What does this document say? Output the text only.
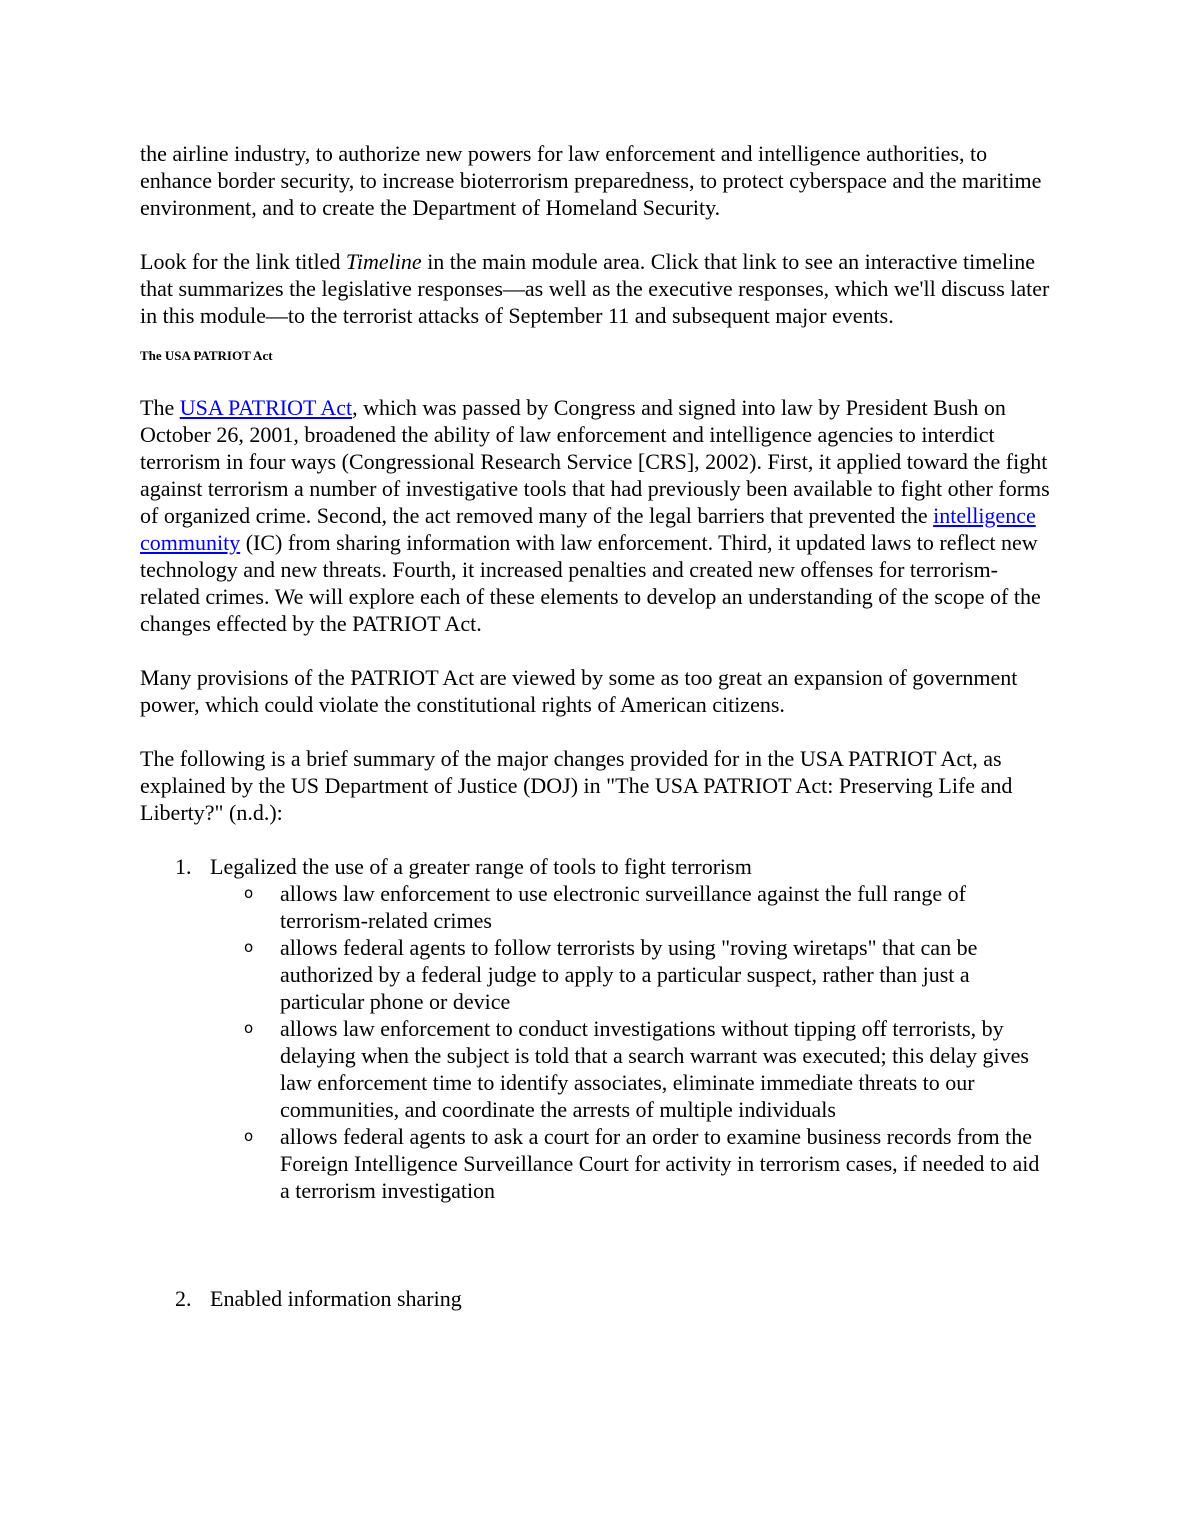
the airline industry, to authorize new powers for law enforcement and intelligence authorities, to enhance border security, to increase bioterrorism preparedness, to protect cyberspace and the maritime environment, and to create the Department of Homeland Security.

Look for the link titled Timeline in the main module area. Click that link to see an interactive timeline that summarizes the legislative responses—as well as the executive responses, which we'll discuss later in this module—to the terrorist attacks of September 11 and subsequent major events.

The USA PATRIOT Act

The USA PATRIOT Act, which was passed by Congress and signed into law by President Bush on October 26, 2001, broadened the ability of law enforcement and intelligence agencies to interdict terrorism in four ways (Congressional Research Service [CRS], 2002). First, it applied toward the fight against terrorism a number of investigative tools that had previously been available to fight other forms of organized crime. Second, the act removed many of the legal barriers that prevented the intelligence community (IC) from sharing information with law enforcement. Third, it updated laws to reflect new technology and new threats. Fourth, it increased penalties and created new offenses for terrorism-related crimes. We will explore each of these elements to develop an understanding of the scope of the changes effected by the PATRIOT Act.

Many provisions of the PATRIOT Act are viewed by some as too great an expansion of government power, which could violate the constitutional rights of American citizens.

The following is a brief summary of the major changes provided for in the USA PATRIOT Act, as explained by the US Department of Justice (DOJ) in "The USA PATRIOT Act: Preserving Life and Liberty?" (n.d.):

1. Legalized the use of a greater range of tools to fight terrorism
o allows law enforcement to use electronic surveillance against the full range of terrorism-related crimes
o allows federal agents to follow terrorists by using "roving wiretaps" that can be authorized by a federal judge to apply to a particular suspect, rather than just a particular phone or device
o allows law enforcement to conduct investigations without tipping off terrorists, by delaying when the subject is told that a search warrant was executed; this delay gives law enforcement time to identify associates, eliminate immediate threats to our communities, and coordinate the arrests of multiple individuals
o allows federal agents to ask a court for an order to examine business records from the Foreign Intelligence Surveillance Court for activity in terrorism cases, if needed to aid a terrorism investigation
2. Enabled information sharing
